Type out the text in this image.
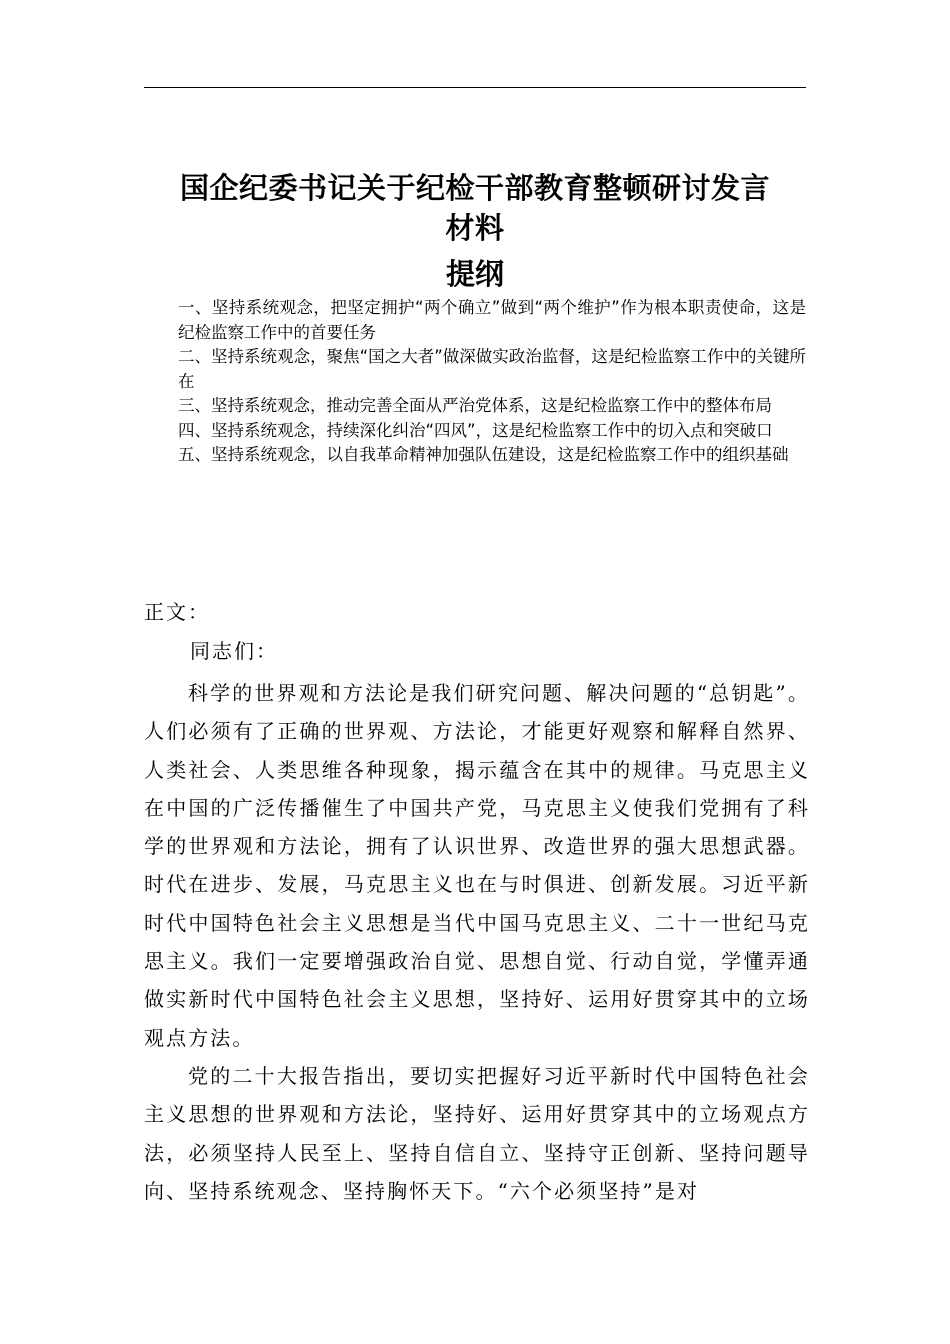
国企纪委书记关于纪检干部教育整顿研讨发言
材料
提纲
一、坚持系统观念，把坚定拥护“两个确立”做到“两个维护”作为根本职责使命，这是纪检监察工作中的首要任务
二、坚持系统观念，聚焦“国之大者”做深做实政治监督，这是纪检监察工作中的关键所在
三、坚持系统观念，推动完善全面从严治党体系，这是纪检监察工作中的整体布局
四、坚持系统观念，持续深化纠治“四风”，这是纪检监察工作中的切入点和突破口
五、坚持系统观念，以自我革命精神加强队伍建设，这是纪检监察工作中的组织基础
正文：
同志们：

科学的世界观和方法论是我们研究问题、解决问题的“总钥匙”。人们必须有了正确的世界观、方法论，才能更好观察和解释自然界、人类社会、人类思维各种现象，揭示蕴含在其中的规律。马克思主义在中国的广泛传播催生了中国共产党，马克思主义使我们党拥有了科学的世界观和方法论，拥有了认识世界、改造世界的强大思想武器。时代在进步、发展，马克思主义也在与时俱进、创新发展。习近平新时代中国特色社会主义思想是当代中国马克思主义、二十一世纪马克思主义。我们一定要增强政治自觉、思想自觉、行动自觉，学懂弄通做实新时代中国特色社会主义思想，坚持好、运用好贯穿其中的立场观点方法。

党的二十大报告指出，要切实把握好习近平新时代中国特色社会主义思想的世界观和方法论，坚持好、运用好贯穿其中的立场观点方法，必须坚持人民至上、坚持自信自立、坚持守正创新、坚持问题导向、坚持系统观念、坚持胸怀天下。“六个必须坚持”是对
